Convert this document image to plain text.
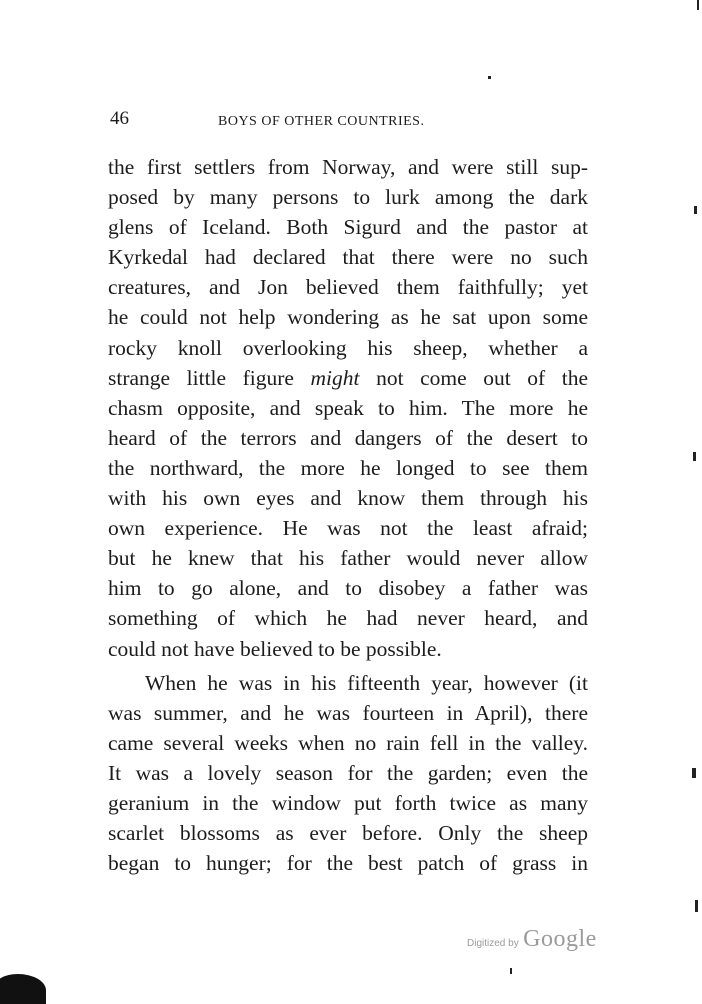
46	BOYS OF OTHER COUNTRIES.
the first settlers from Norway, and were still sup-
posed by many persons to lurk among the dark
glens of Iceland. Both Sigurd and the pastor at
Kyrkedal had declared that there were no such
creatures, and Jon believed them faithfully; yet
he could not help wondering as he sat upon some
rocky knoll overlooking his sheep, whether a
strange little figure might not come out of the
chasm opposite, and speak to him. The more he
heard of the terrors and dangers of the desert to
the northward, the more he longed to see them
with his own eyes and know them through his
own experience. He was not the least afraid;
but he knew that his father would never allow
him to go alone, and to disobey a father was
something of which he had never heard, and
could not have believed to be possible.
When he was in his fifteenth year, however (it
was summer, and he was fourteen in April), there
came several weeks when no rain fell in the valley.
It was a lovely season for the garden; even the
geranium in the window put forth twice as many
scarlet blossoms as ever before. Only the sheep
began to hunger; for the best patch of grass in
Digitized by Google
